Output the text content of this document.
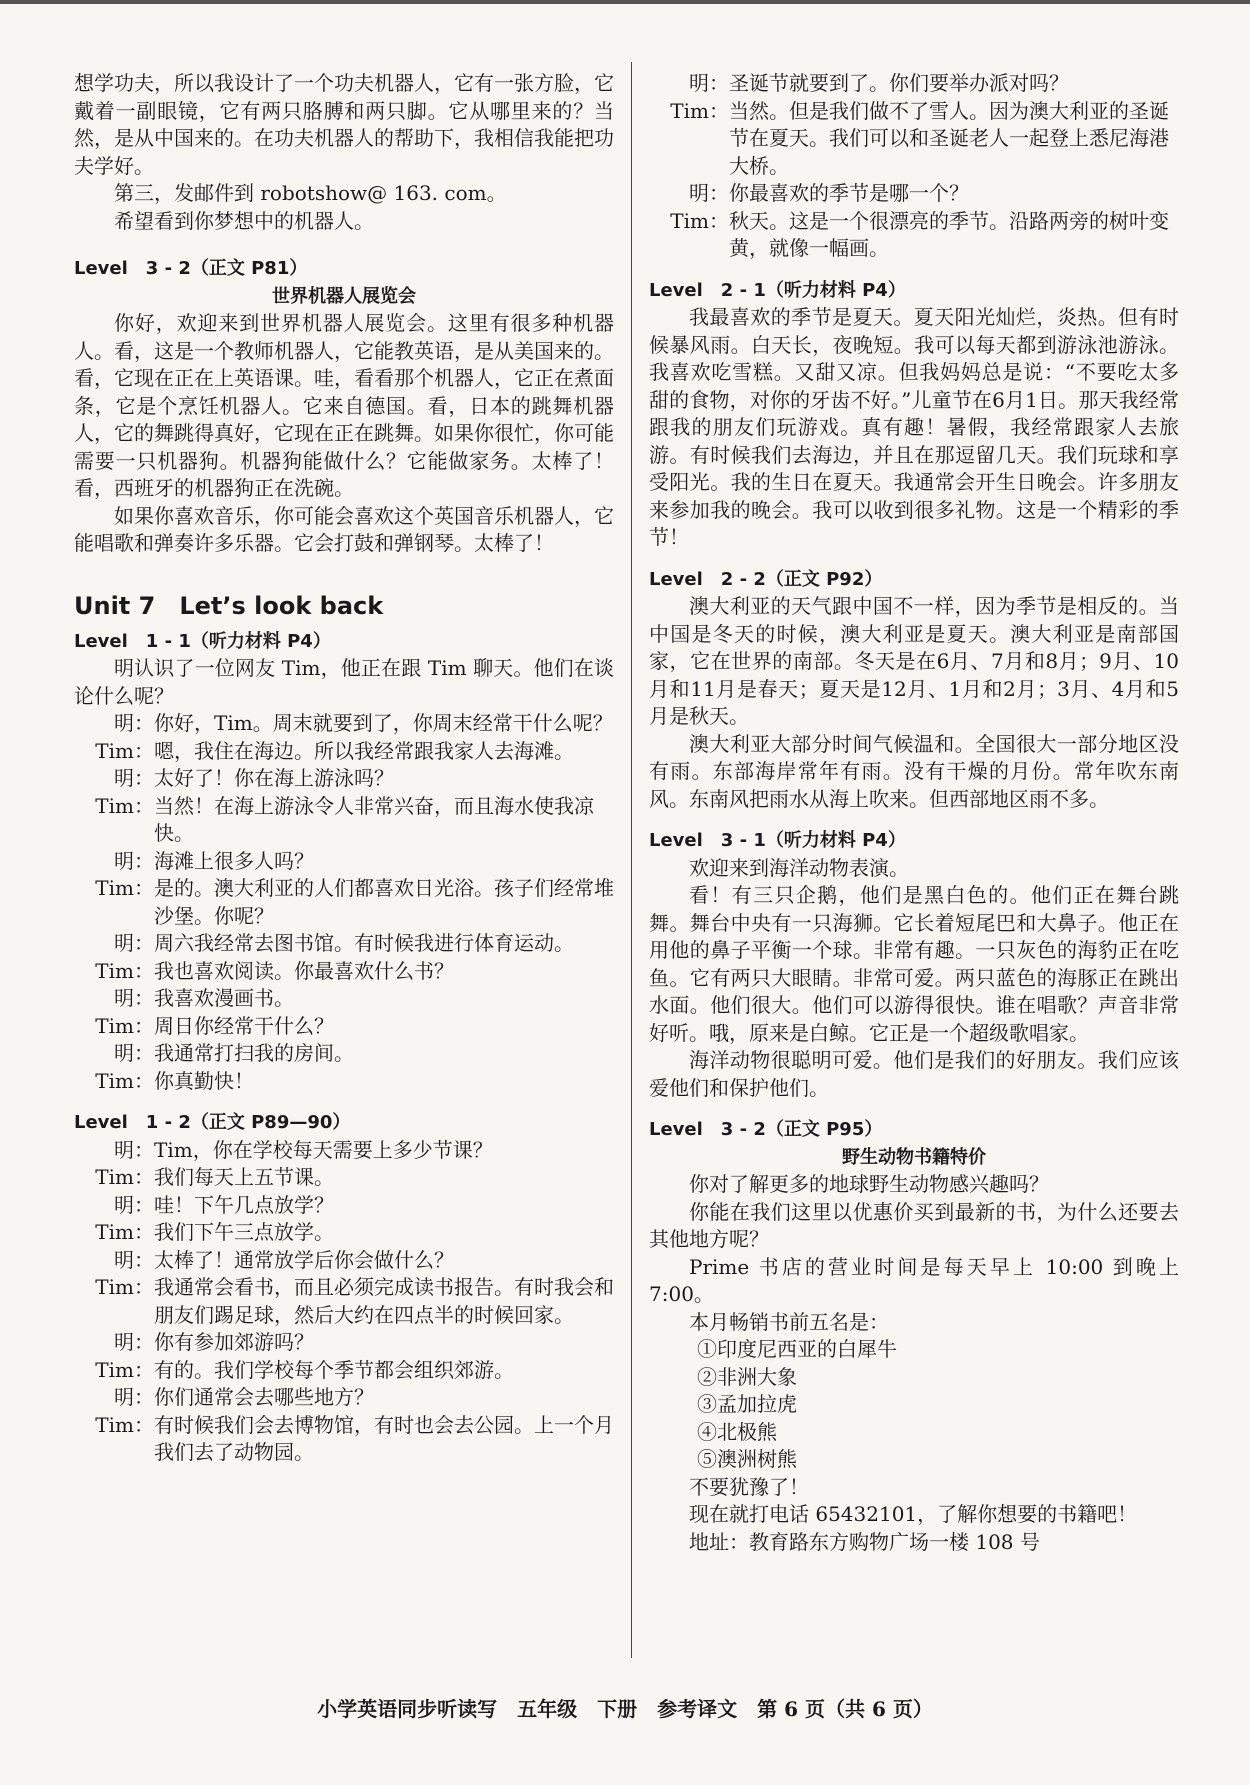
想学功夫，所以我设计了一个功夫机器人，它有一张方脸，它戴着一副眼镜，它有两只胳膊和两只脚。它从哪里来的？当然，是从中国来的。在功夫机器人的帮助下，我相信我能把功夫学好。

第三，发邮件到 robotshow@ 163. com。

希望看到你梦想中的机器人。

Level　3 - 2（正文 P81）

世界机器人展览会

你好，欢迎来到世界机器人展览会。这里有很多种机器人。看，这是一个教师机器人，它能教英语，是从美国来的。看，它现在正在上英语课。哇，看看那个机器人，它正在煮面条，它是个烹饪机器人。它来自德国。看，日本的跳舞机器人，它的舞跳得真好，它现在正在跳舞。如果你很忙，你可能需要一只机器狗。机器狗能做什么？它能做家务。太棒了！看，西班牙的机器狗正在洗碗。

如果你喜欢音乐，你可能会喜欢这个英国音乐机器人，它能唱歌和弹奏许多乐器。它会打鼓和弹钢琴。太棒了！

Unit 7　Let’s look back

Level　1 - 1（听力材料 P4）

明认识了一位网友 Tim，他正在跟 Tim 聊天。他们在谈论什么呢？

明： 你好，Tim。周末就要到了，你周末经常干什么呢？
Tim： 嗯，我住在海边。所以我经常跟我家人去海滩。
明： 太好了！你在海上游泳吗？
Tim： 当然！在海上游泳令人非常兴奋，而且海水使我凉快。
明： 海滩上很多人吗？
Tim： 是的。澳大利亚的人们都喜欢日光浴。孩子们经常堆沙堡。你呢？
明： 周六我经常去图书馆。有时候我进行体育运动。
Tim： 我也喜欢阅读。你最喜欢什么书？
明： 我喜欢漫画书。
Tim： 周日你经常干什么？
明： 我通常打扫我的房间。
Tim： 你真勤快！

Level　1 - 2（正文 P89—90）

明： Tim，你在学校每天需要上多少节课？
Tim： 我们每天上五节课。
明： 哇！下午几点放学？
Tim： 我们下午三点放学。
明： 太棒了！通常放学后你会做什么？
Tim： 我通常会看书，而且必须完成读书报告。有时我会和朋友们踢足球，然后大约在四点半的时候回家。
明： 你有参加郊游吗？
Tim： 有的。我们学校每个季节都会组织郊游。
明： 你们通常会去哪些地方？
Tim： 有时候我们会去博物馆，有时也会去公园。上一个月我们去了动物园。
明： 圣诞节就要到了。你们要举办派对吗？
Tim： 当然。但是我们做不了雪人。因为澳大利亚的圣诞节在夏天。我们可以和圣诞老人一起登上悉尼海港大桥。
明： 你最喜欢的季节是哪一个？
Tim： 秋天。这是一个很漂亮的季节。沿路两旁的树叶变黄，就像一幅画。

Level　2 - 1（听力材料 P4）

我最喜欢的季节是夏天。夏天阳光灿烂，炎热。但有时候暴风雨。白天长，夜晚短。我可以每天都到游泳池游泳。我喜欢吃雪糕。又甜又凉。但我妈妈总是说：“不要吃太多甜的食物，对你的牙齿不好。”儿童节在6月1日。那天我经常跟我的朋友们玩游戏。真有趣！暑假，我经常跟家人去旅游。有时候我们去海边，并且在那逗留几天。我们玩球和享受阳光。我的生日在夏天。我通常会开生日晚会。许多朋友来参加我的晚会。我可以收到很多礼物。这是一个精彩的季节！

Level　2 - 2（正文 P92）

澳大利亚的天气跟中国不一样，因为季节是相反的。当中国是冬天的时候，澳大利亚是夏天。澳大利亚是南部国家，它在世界的南部。冬天是在6月、7月和8月；9月、10月和11月是春天；夏天是12月、1月和2月；3月、4月和5月是秋天。

澳大利亚大部分时间气候温和。全国很大一部分地区没有雨。东部海岸常年有雨。没有干燥的月份。常年吹东南风。东南风把雨水从海上吹来。但西部地区雨不多。

Level　3 - 1（听力材料 P4）

欢迎来到海洋动物表演。

看！有三只企鹅，他们是黑白色的。他们正在舞台跳舞。舞台中央有一只海狮。它长着短尾巴和大鼻子。他正在用他的鼻子平衡一个球。非常有趣。一只灰色的海豹正在吃鱼。它有两只大眼睛。非常可爱。两只蓝色的海豚正在跳出水面。他们很大。他们可以游得很快。谁在唱歌？声音非常好听。哦，原来是白鲸。它正是一个超级歌唱家。

海洋动物很聪明可爱。他们是我们的好朋友。我们应该爱他们和保护他们。

Level　3 - 2（正文 P95）

野生动物书籍特价

你对了解更多的地球野生动物感兴趣吗？

你能在我们这里以优惠价买到最新的书，为什么还要去其他地方呢？

Prime 书店的营业时间是每天早上 10:00 到晚上 7:00。

本月畅销书前五名是：

①印度尼西亚的白犀牛

②非洲大象

③孟加拉虎

④北极熊

⑤澳洲树熊

不要犹豫了！

现在就打电话 65432101，了解你想要的书籍吧！

地址：教育路东方购物广场一楼 108 号

小学英语同步听读写　五年级　下册　参考译文　第 6 页（共 6 页）
